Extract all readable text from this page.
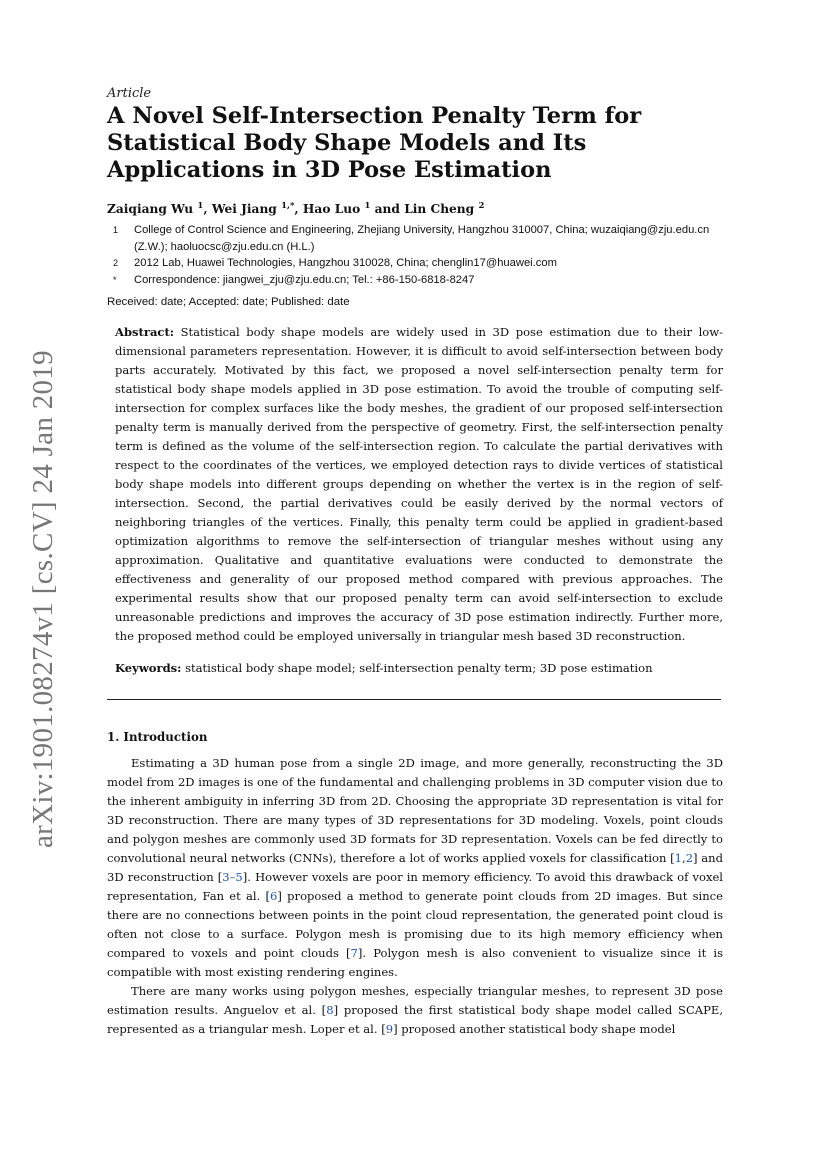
arXiv:1901.08274v1 [cs.CV] 24 Jan 2019
Article
A Novel Self-Intersection Penalty Term for Statistical Body Shape Models and Its Applications in 3D Pose Estimation
Zaiqiang Wu $^1$, Wei Jiang $^{1,*}$, Hao Luo $^1$ and Lin Cheng $^2$
1	College of Control Science and Engineering, Zhejiang University, Hangzhou 310007, China; wuzaiqiang@zju.edu.cn (Z.W.); haoluocsc@zju.edu.cn (H.L.)
2	2012 Lab, Huawei Technologies, Hangzhou 310028, China; chenglin17@huawei.com
*	Correspondence: jiangwei_zju@zju.edu.cn; Tel.: +86-150-6818-8247
Received: date; Accepted: date; Published: date
Abstract: Statistical body shape models are widely used in 3D pose estimation due to their low-dimensional parameters representation. However, it is difficult to avoid self-intersection between body parts accurately. Motivated by this fact, we proposed a novel self-intersection penalty term for statistical body shape models applied in 3D pose estimation. To avoid the trouble of computing self-intersection for complex surfaces like the body meshes, the gradient of our proposed self-intersection penalty term is manually derived from the perspective of geometry. First, the self-intersection penalty term is defined as the volume of the self-intersection region. To calculate the partial derivatives with respect to the coordinates of the vertices, we employed detection rays to divide vertices of statistical body shape models into different groups depending on whether the vertex is in the region of self-intersection. Second, the partial derivatives could be easily derived by the normal vectors of neighboring triangles of the vertices. Finally, this penalty term could be applied in gradient-based optimization algorithms to remove the self-intersection of triangular meshes without using any approximation. Qualitative and quantitative evaluations were conducted to demonstrate the effectiveness and generality of our proposed method compared with previous approaches. The experimental results show that our proposed penalty term can avoid self-intersection to exclude unreasonable predictions and improves the accuracy of 3D pose estimation indirectly. Further more, the proposed method could be employed universally in triangular mesh based 3D reconstruction.
Keywords: statistical body shape model; self-intersection penalty term; 3D pose estimation
1. Introduction
Estimating a 3D human pose from a single 2D image, and more generally, reconstructing the 3D model from 2D images is one of the fundamental and challenging problems in 3D computer vision due to the inherent ambiguity in inferring 3D from 2D. Choosing the appropriate 3D representation is vital for 3D reconstruction. There are many types of 3D representations for 3D modeling. Voxels, point clouds and polygon meshes are commonly used 3D formats for 3D representation. Voxels can be fed directly to convolutional neural networks (CNNs), therefore a lot of works applied voxels for classification [1,2] and 3D reconstruction [3–5]. However voxels are poor in memory efficiency. To avoid this drawback of voxel representation, Fan et al. [6] proposed a method to generate point clouds from 2D images. But since there are no connections between points in the point cloud representation, the generated point cloud is often not close to a surface. Polygon mesh is promising due to its high memory efficiency when compared to voxels and point clouds [7]. Polygon mesh is also convenient to visualize since it is compatible with most existing rendering engines.
There are many works using polygon meshes, especially triangular meshes, to represent 3D pose estimation results. Anguelov et al. [8] proposed the first statistical body shape model called SCAPE, represented as a triangular mesh. Loper et al. [9] proposed another statistical body shape model
